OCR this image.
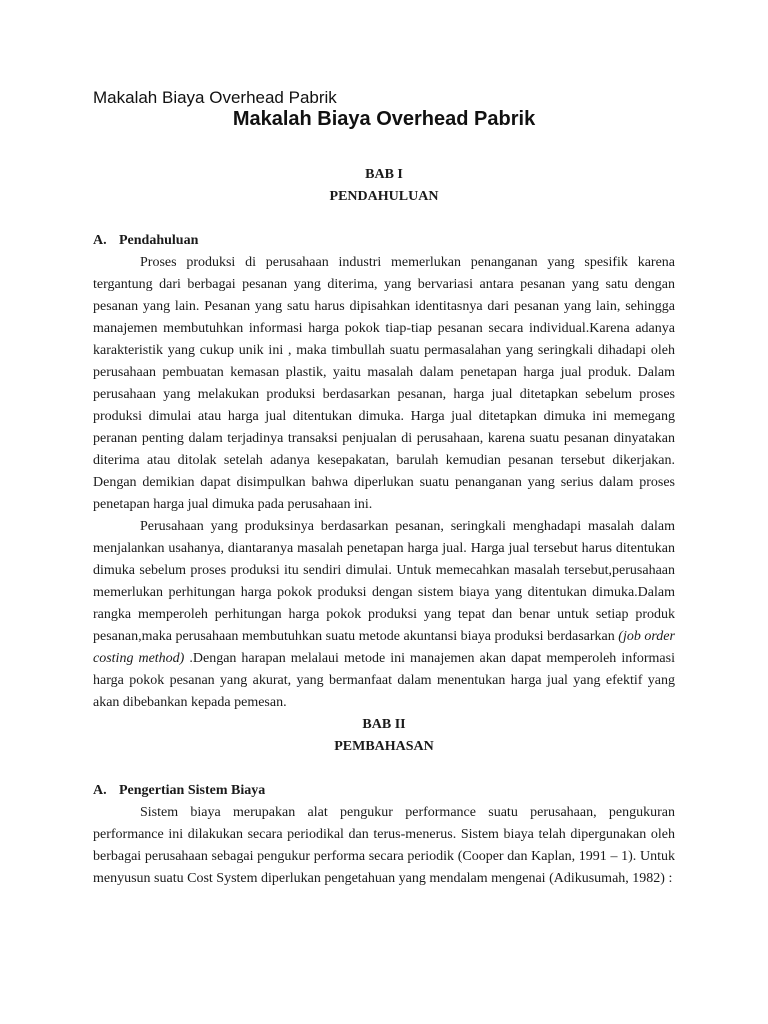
Makalah Biaya Overhead Pabrik
Makalah Biaya Overhead Pabrik

BAB I

PENDAHULUAN

A. Pendahuluan

Proses produksi di perusahaan industri memerlukan penanganan yang spesifik karena tergantung dari berbagai pesanan yang diterima, yang bervariasi antara pesanan yang satu dengan pesanan yang lain. Pesanan yang satu harus dipisahkan identitasnya dari pesanan yang lain, sehingga manajemen membutuhkan informasi harga pokok tiap-tiap pesanan secara individual.Karena adanya karakteristik yang cukup unik ini , maka timbullah suatu permasalahan yang seringkali dihadapi oleh perusahaan pembuatan kemasan plastik, yaitu masalah dalam penetapan harga jual produk. Dalam perusahaan yang melakukan produksi berdasarkan pesanan, harga jual ditetapkan sebelum proses produksi dimulai atau harga jual ditentukan dimuka. Harga jual ditetapkan dimuka ini memegang peranan penting dalam terjadinya transaksi penjualan di perusahaan, karena suatu pesanan dinyatakan diterima atau ditolak setelah adanya kesepakatan, barulah kemudian pesanan tersebut dikerjakan. Dengan demikian dapat disimpulkan bahwa diperlukan suatu penanganan yang serius dalam proses penetapan harga jual dimuka pada perusahaan ini.

Perusahaan yang produksinya berdasarkan pesanan, seringkali menghadapi masalah dalam menjalankan usahanya, diantaranya masalah penetapan harga jual. Harga jual tersebut harus ditentukan dimuka sebelum proses produksi itu sendiri dimulai. Untuk memecahkan masalah tersebut,perusahaan memerlukan perhitungan harga pokok produksi dengan sistem biaya yang ditentukan dimuka.Dalam rangka memperoleh perhitungan harga pokok produksi yang tepat dan benar untuk setiap produk pesanan,maka perusahaan membutuhkan suatu metode akuntansi biaya produksi berdasarkan (job order costing method) .Dengan harapan melalaui metode ini manajemen akan dapat memperoleh informasi harga pokok pesanan yang akurat, yang bermanfaat dalam menentukan harga jual yang efektif yang akan dibebankan kepada pemesan.

BAB II

PEMBAHASAN

A. Pengertian Sistem Biaya

Sistem biaya merupakan alat pengukur performance suatu perusahaan, pengukuran performance ini dilakukan secara periodikal dan terus-menerus. Sistem biaya telah dipergunakan oleh berbagai perusahaan sebagai pengukur performa secara periodik (Cooper dan Kaplan, 1991 – 1). Untuk menyusun suatu Cost System diperlukan pengetahuan yang mendalam mengenai (Adikusumah, 1982) :
